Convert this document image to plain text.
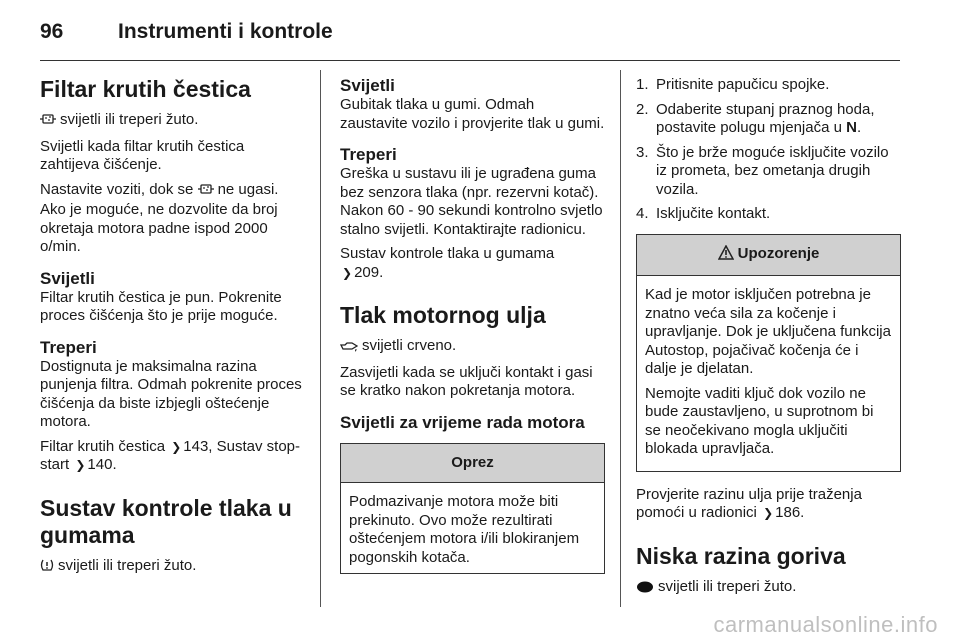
96	Instrumenti i kontrole
Filtar krutih čestica

svijetli ili treperi žuto.

Svijetli kada filtar krutih čestica zahtijeva čišćenje.

Nastavite voziti, dok se ne ugasi. Ako je moguće, ne dozvolite da broj okretaja motora padne ispod 2000 o/min.

Svijetli

Filtar krutih čestica je pun. Pokrenite proces čišćenja što je prije moguće.

Treperi

Dostignuta je maksimalna razina punjenja filtra. Odmah pokrenite proces čišćenja da biste izbjegli oštećenje motora.

Filtar krutih čestica ❯ 143, Sustav stop-start ❯ 140.

Sustav kontrole tlaka u gumama

svijetli ili treperi žuto.

Svijetli

Gubitak tlaka u gumi. Odmah zaustavite vozilo i provjerite tlak u gumi.

Treperi

Greška u sustavu ili je ugrađena guma bez senzora tlaka (npr. rezervni kotač). Nakon 60 - 90 sekundi kontrolno svjetlo stalno svijetli. Kontaktirajte radionicu.

Sustav kontrole tlaka u gumama
❯ 209.

Tlak motornog ulja

svijetli crveno.

Zasvijetli kada se uključi kontakt i gasi se kratko nakon pokretanja motora.

Svijetli za vrijeme rada motora
Oprez
Podmazivanje motora može biti prekinuto. Ovo može rezultirati oštećenjem motora i/ili blokiranjem pogonskih kotača.
1. Pritisnite papučicu spojke.
2. Odaberite stupanj praznog hoda, postavite polugu mjenjača u N.
3. Što je brže moguće isključite vozilo iz prometa, bez ometanja drugih vozila.
4. Isključite kontakt.
Upozorenje

Kad je motor isključen potrebna je znatno veća sila za kočenje i upravljanje. Dok je uključena funkcija Autostop, pojačivač kočenja će i dalje je djelatan.

Nemojte vaditi ključ dok vozilo ne bude zaustavljeno, u suprotnom bi se neočekivano mogla uključiti blokada upravljača.

Provjerite razinu ulja prije traženja pomoći u radionici ❯ 186.

Niska razina goriva

svijetli ili treperi žuto.

carmanualsonline.info
